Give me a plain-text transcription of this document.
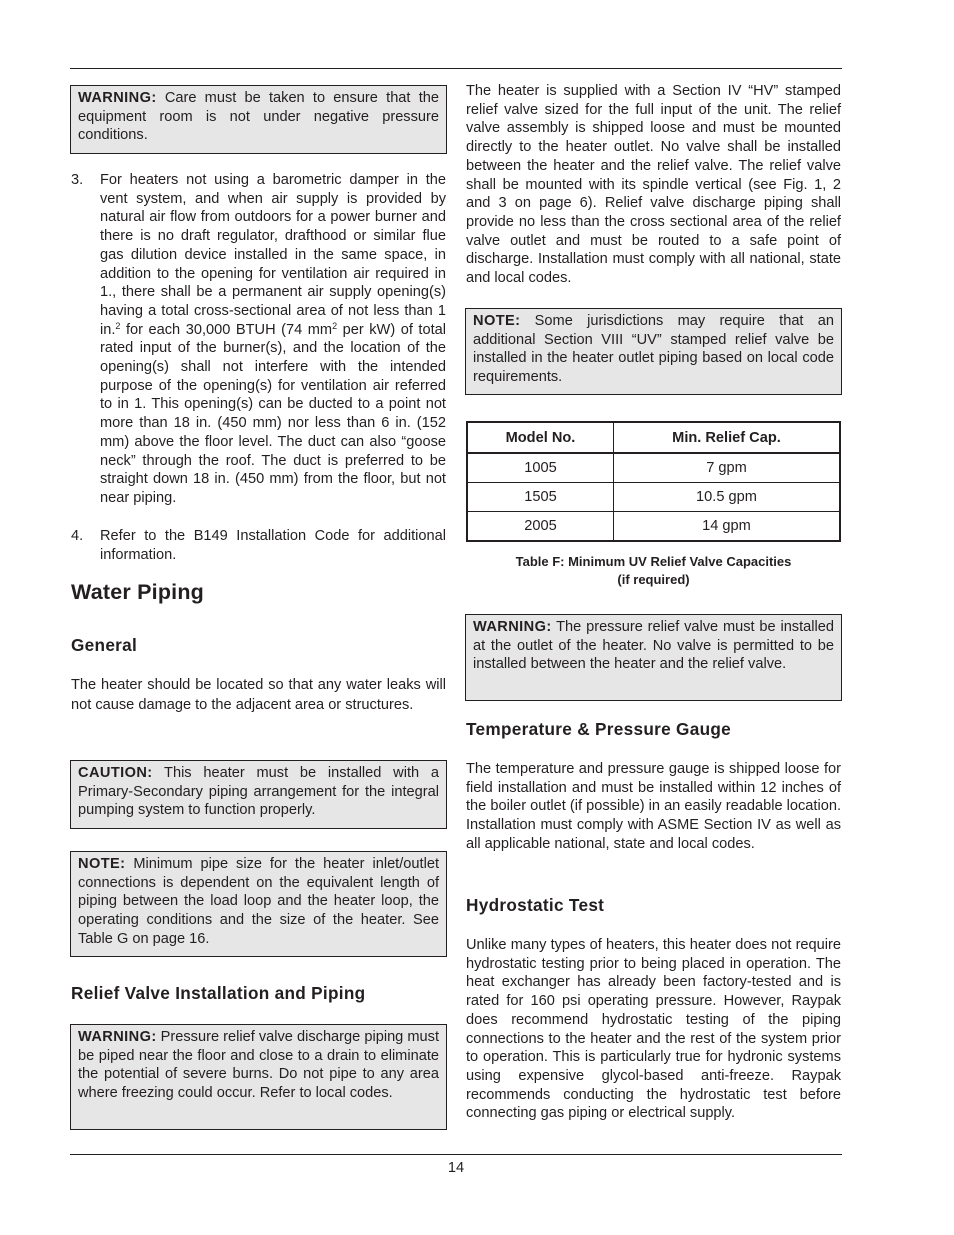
WARNING: Care must be taken to ensure that the equipment room is not under negative pressure conditions.
3. For heaters not using a barometric damper in the vent system, and when air supply is provided by natural air flow from outdoors for a power burner and there is no draft regulator, drafthood or similar flue gas dilution device installed in the same space, in addition to the opening for ventilation air required in 1., there shall be a permanent air supply opening(s) having a total cross-sectional area of not less than 1 in.$^2$ for each 30,000 BTUH (74 $mm^2$ per kW) of total rated input of the burner(s), and the location of the opening(s) shall not interfere with the intended purpose of the opening(s) for ventilation air referred to in 1. This opening(s) can be ducted to a point not more than 18 in. (450 mm) nor less than 6 in. (152 mm) above the floor level. The duct can also “goose neck” through the roof. The duct is preferred to be straight down 18 in. (450 mm) from the floor, but not near piping.

4. Refer to the B149 Installation Code for additional information.

Water Piping
General

The heater should be located so that any water leaks will not cause damage to the adjacent area or structures.

CAUTION: This heater must be installed with a Primary-Secondary piping arrangement for the integral pumping system to function properly.
NOTE: Minimum pipe size for the heater inlet/outlet connections is dependent on the equivalent length of piping between the load loop and the heater loop, the operating conditions and the size of the heater. See Table G on page 16.
Relief Valve Installation and Piping
WARNING: Pressure relief valve discharge piping must be piped near the floor and close to a drain to eliminate the potential of severe burns. Do not pipe to any area where freezing could occur. Refer to local codes.

The heater is supplied with a Section IV “HV” stamped relief valve sized for the full input of the unit. The relief valve assembly is shipped loose and must be mounted directly to the heater outlet. No valve shall be installed between the heater and the relief valve. The relief valve shall be mounted with its spindle vertical (see Fig. 1, 2 and 3 on page 6). Relief valve discharge piping shall provide no less than the cross sectional area of the relief valve outlet and must be routed to a safe point of discharge. Installation must comply with all national, state and local codes.

NOTE: Some jurisdictions may require that an additional Section VIII “UV” stamped relief valve be installed in the heater outlet piping based on local code requirements.
Model No.	Min. Relief Cap.
1005	7 gpm
1505	10.5 gpm
2005	14 gpm
Table F: Minimum UV Relief Valve Capacities
(if required)
WARNING: The pressure relief valve must be installed at the outlet of the heater. No valve is permitted to be installed between the heater and the relief valve.
Temperature & Pressure Gauge

The temperature and pressure gauge is shipped loose for field installation and must be installed within 12 inches of the boiler outlet (if possible) in an easily readable location. Installation must comply with ASME Section IV as well as all applicable national, state and local codes.

Hydrostatic Test

Unlike many types of heaters, this heater does not require hydrostatic testing prior to being placed in operation. The heat exchanger has already been factory-tested and is rated for 160 psi operating pressure. However, Raypak does recommend hydrostatic testing of the piping connections to the heater and the rest of the system prior to operation. This is particularly true for hydronic systems using expensive glycol-based anti-freeze. Raypak recommends conducting the hydrostatic test before connecting gas piping or electrical supply.

14
